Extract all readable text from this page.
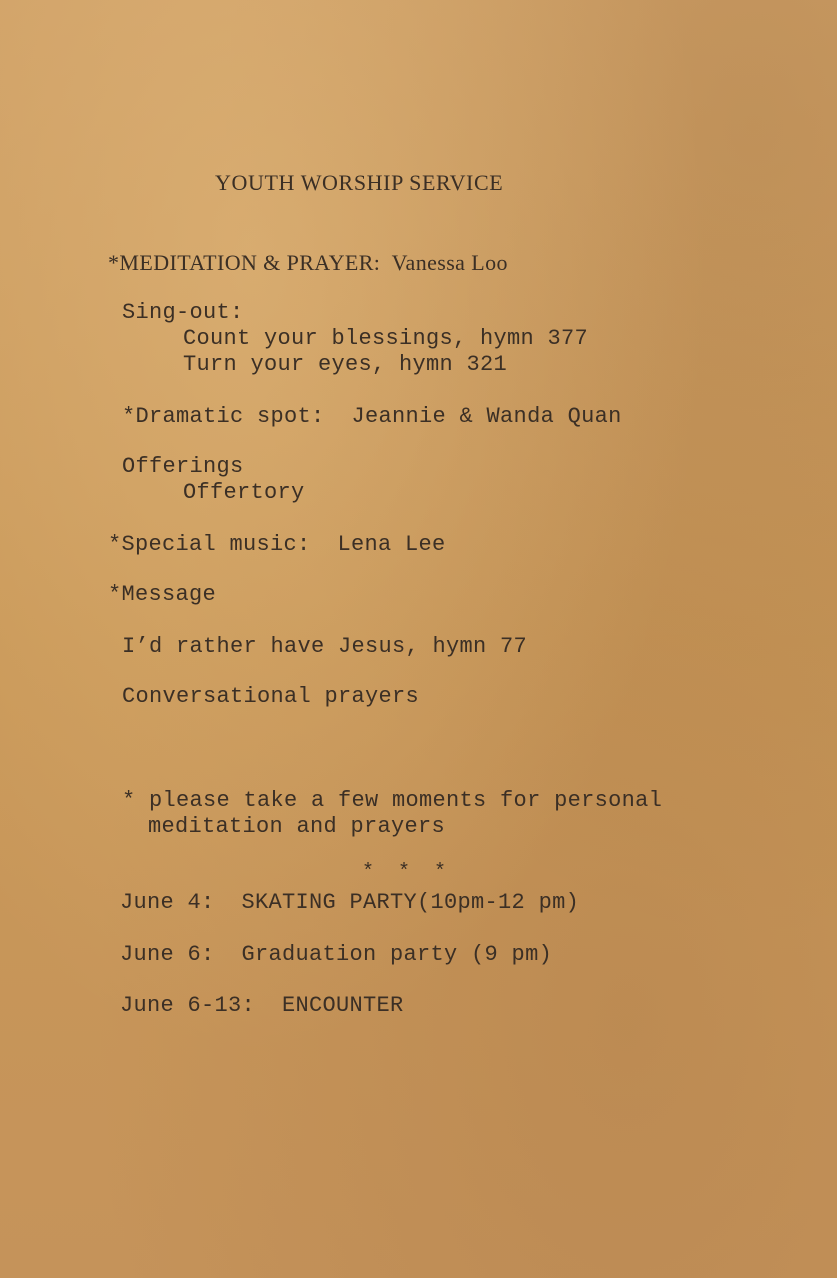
YOUTH WORSHIP SERVICE
*MEDITATION & PRAYER:  Vanessa Loo
Sing-out:
Count your blessings, hymn 377
Turn your eyes, hymn 321
*Dramatic spot:  Jeannie & Wanda Quan
Offerings
Offertory
*Special music:  Lena Lee
*Message
I’d rather have Jesus, hymn 77
Conversational prayers
* please take a few moments for personal
meditation and prayers
* * *
June 4:  SKATING PARTY(10pm-12 pm)
June 6:  Graduation party (9 pm)
June 6-13:  ENCOUNTER
